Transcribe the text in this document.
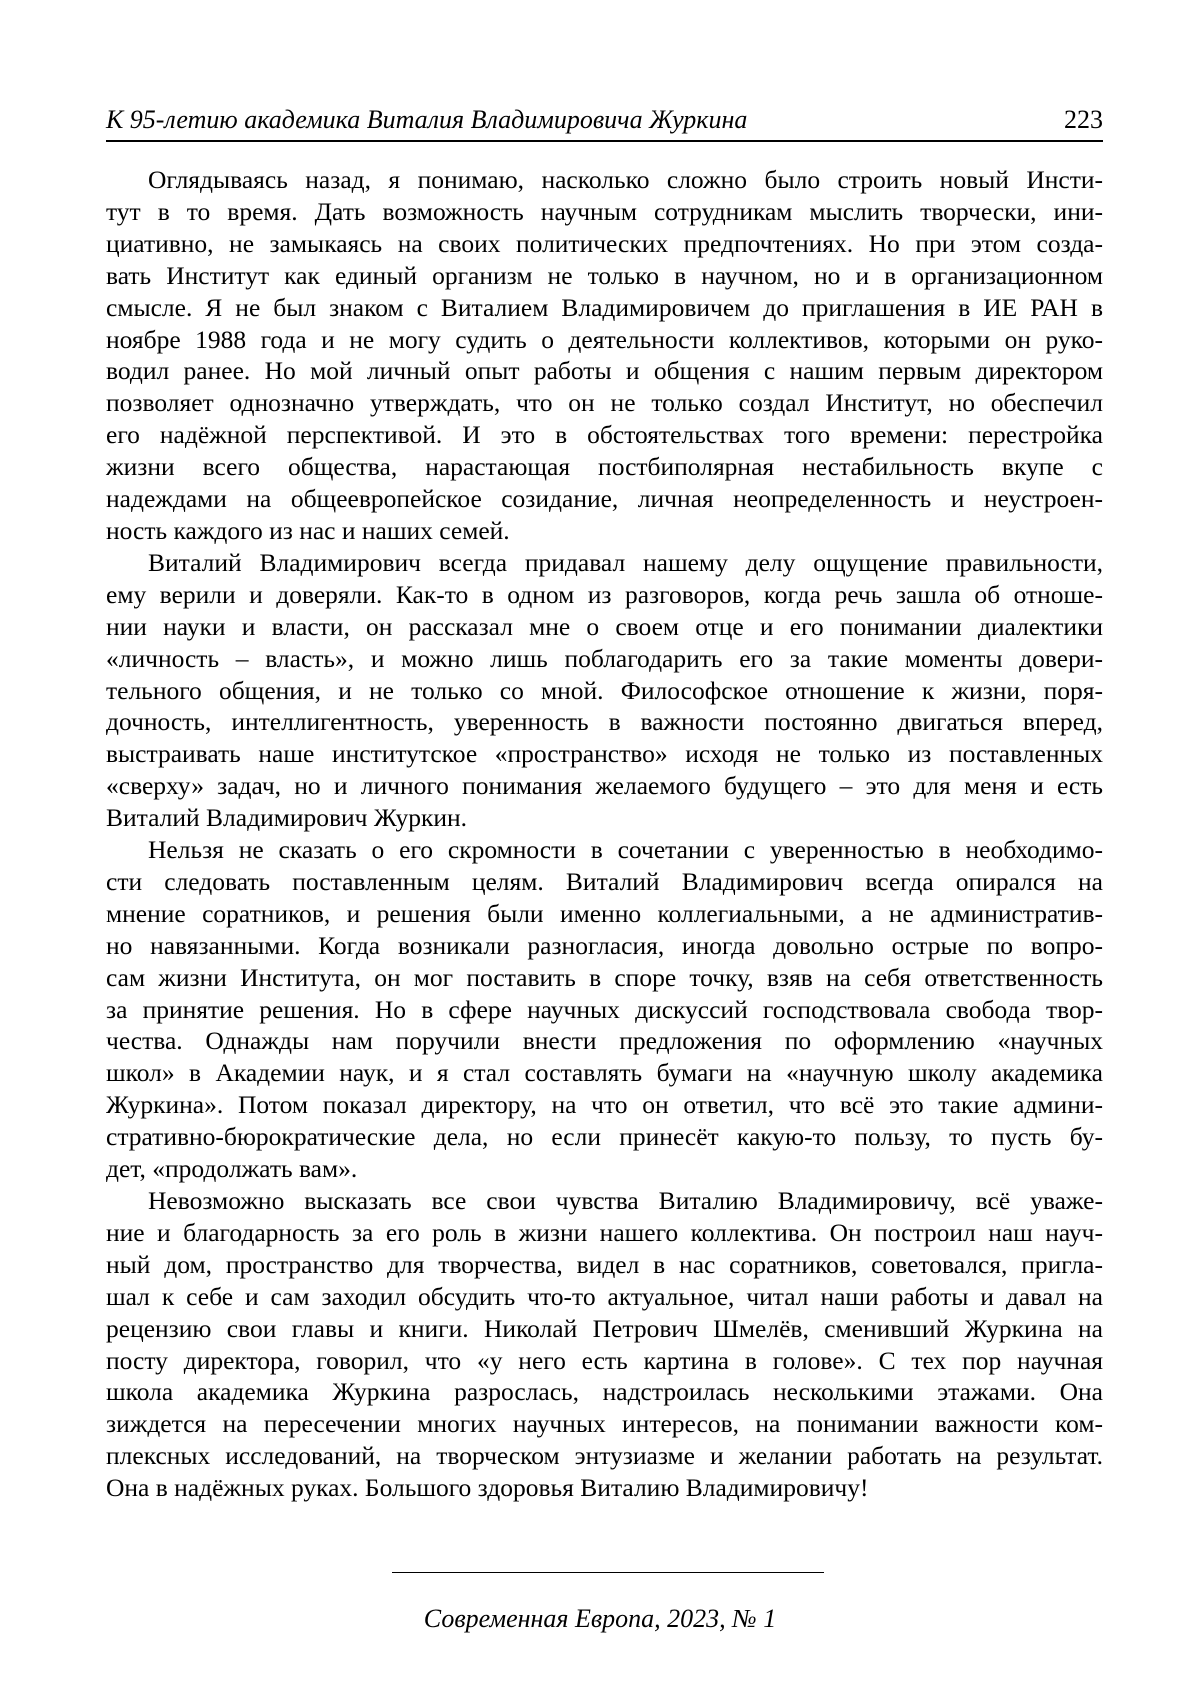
К 95-летию академика Виталия Владимировича Журкина	223

Оглядываясь назад, я понимаю, насколько сложно было строить новый Инсти-
тут в то время. Дать возможность научным сотрудникам мыслить творчески, ини-
циативно, не замыкаясь на своих политических предпочтениях. Но при этом созда-
вать Институт как единый организм не только в научном, но и в организационном
смысле. Я не был знаком с Виталием Владимировичем до приглашения в ИЕ РАН в
ноябре 1988 года и не могу судить о деятельности коллективов, которыми он руко-
водил ранее. Но мой личный опыт работы и общения с нашим первым директором
позволяет однозначно утверждать, что он не только создал Институт, но обеспечил
его надёжной перспективой. И это в обстоятельствах того времени: перестройка
жизни всего общества, нарастающая постбиполярная нестабильность вкупе с
надеждами на общеевропейское созидание, личная неопределенность и неустроен-
ность каждого из нас и наших семей.

Виталий Владимирович всегда придавал нашему делу ощущение правильности,
ему верили и доверяли. Как-то в одном из разговоров, когда речь зашла об отноше-
нии науки и власти, он рассказал мне о своем отце и его понимании диалектики
«личность – власть», и можно лишь поблагодарить его за такие моменты довери-
тельного общения, и не только со мной. Философское отношение к жизни, поря-
дочность, интеллигентность, уверенность в важности постоянно двигаться вперед,
выстраивать наше институтское «пространство» исходя не только из поставленных
«сверху» задач, но и личного понимания желаемого будущего – это для меня и есть
Виталий Владимирович Журкин.

Нельзя не сказать о его скромности в сочетании с уверенностью в необходимо-
сти следовать поставленным целям. Виталий Владимирович всегда опирался на
мнение соратников, и решения были именно коллегиальными, а не административ-
но навязанными. Когда возникали разногласия, иногда довольно острые по вопро-
сам жизни Института, он мог поставить в споре точку, взяв на себя ответственность
за принятие решения. Но в сфере научных дискуссий господствовала свобода твор-
чества. Однажды нам поручили внести предложения по оформлению «научных
школ» в Академии наук, и я стал составлять бумаги на «научную школу академика
Журкина». Потом показал директору, на что он ответил, что всё это такие админи-
стративно-бюрократические дела, но если принесёт какую-то пользу, то пусть бу-
дет, «продолжать вам».

Невозможно высказать все свои чувства Виталию Владимировичу, всё уваже-
ние и благодарность за его роль в жизни нашего коллектива. Он построил наш науч-
ный дом, пространство для творчества, видел в нас соратников, советовался, пригла-
шал к себе и сам заходил обсудить что-то актуальное, читал наши работы и давал на
рецензию свои главы и книги. Николай Петрович Шмелёв, сменивший Журкина на
посту директора, говорил, что «у него есть картина в голове». С тех пор научная
школа академика Журкина разрослась, надстроилась несколькими этажами. Она
зиждется на пересечении многих научных интересов, на понимании важности ком-
плексных исследований, на творческом энтузиазме и желании работать на результат.
Она в надёжных руках. Большого здоровья Виталию Владимировичу!

Современная Европа, 2023, № 1
